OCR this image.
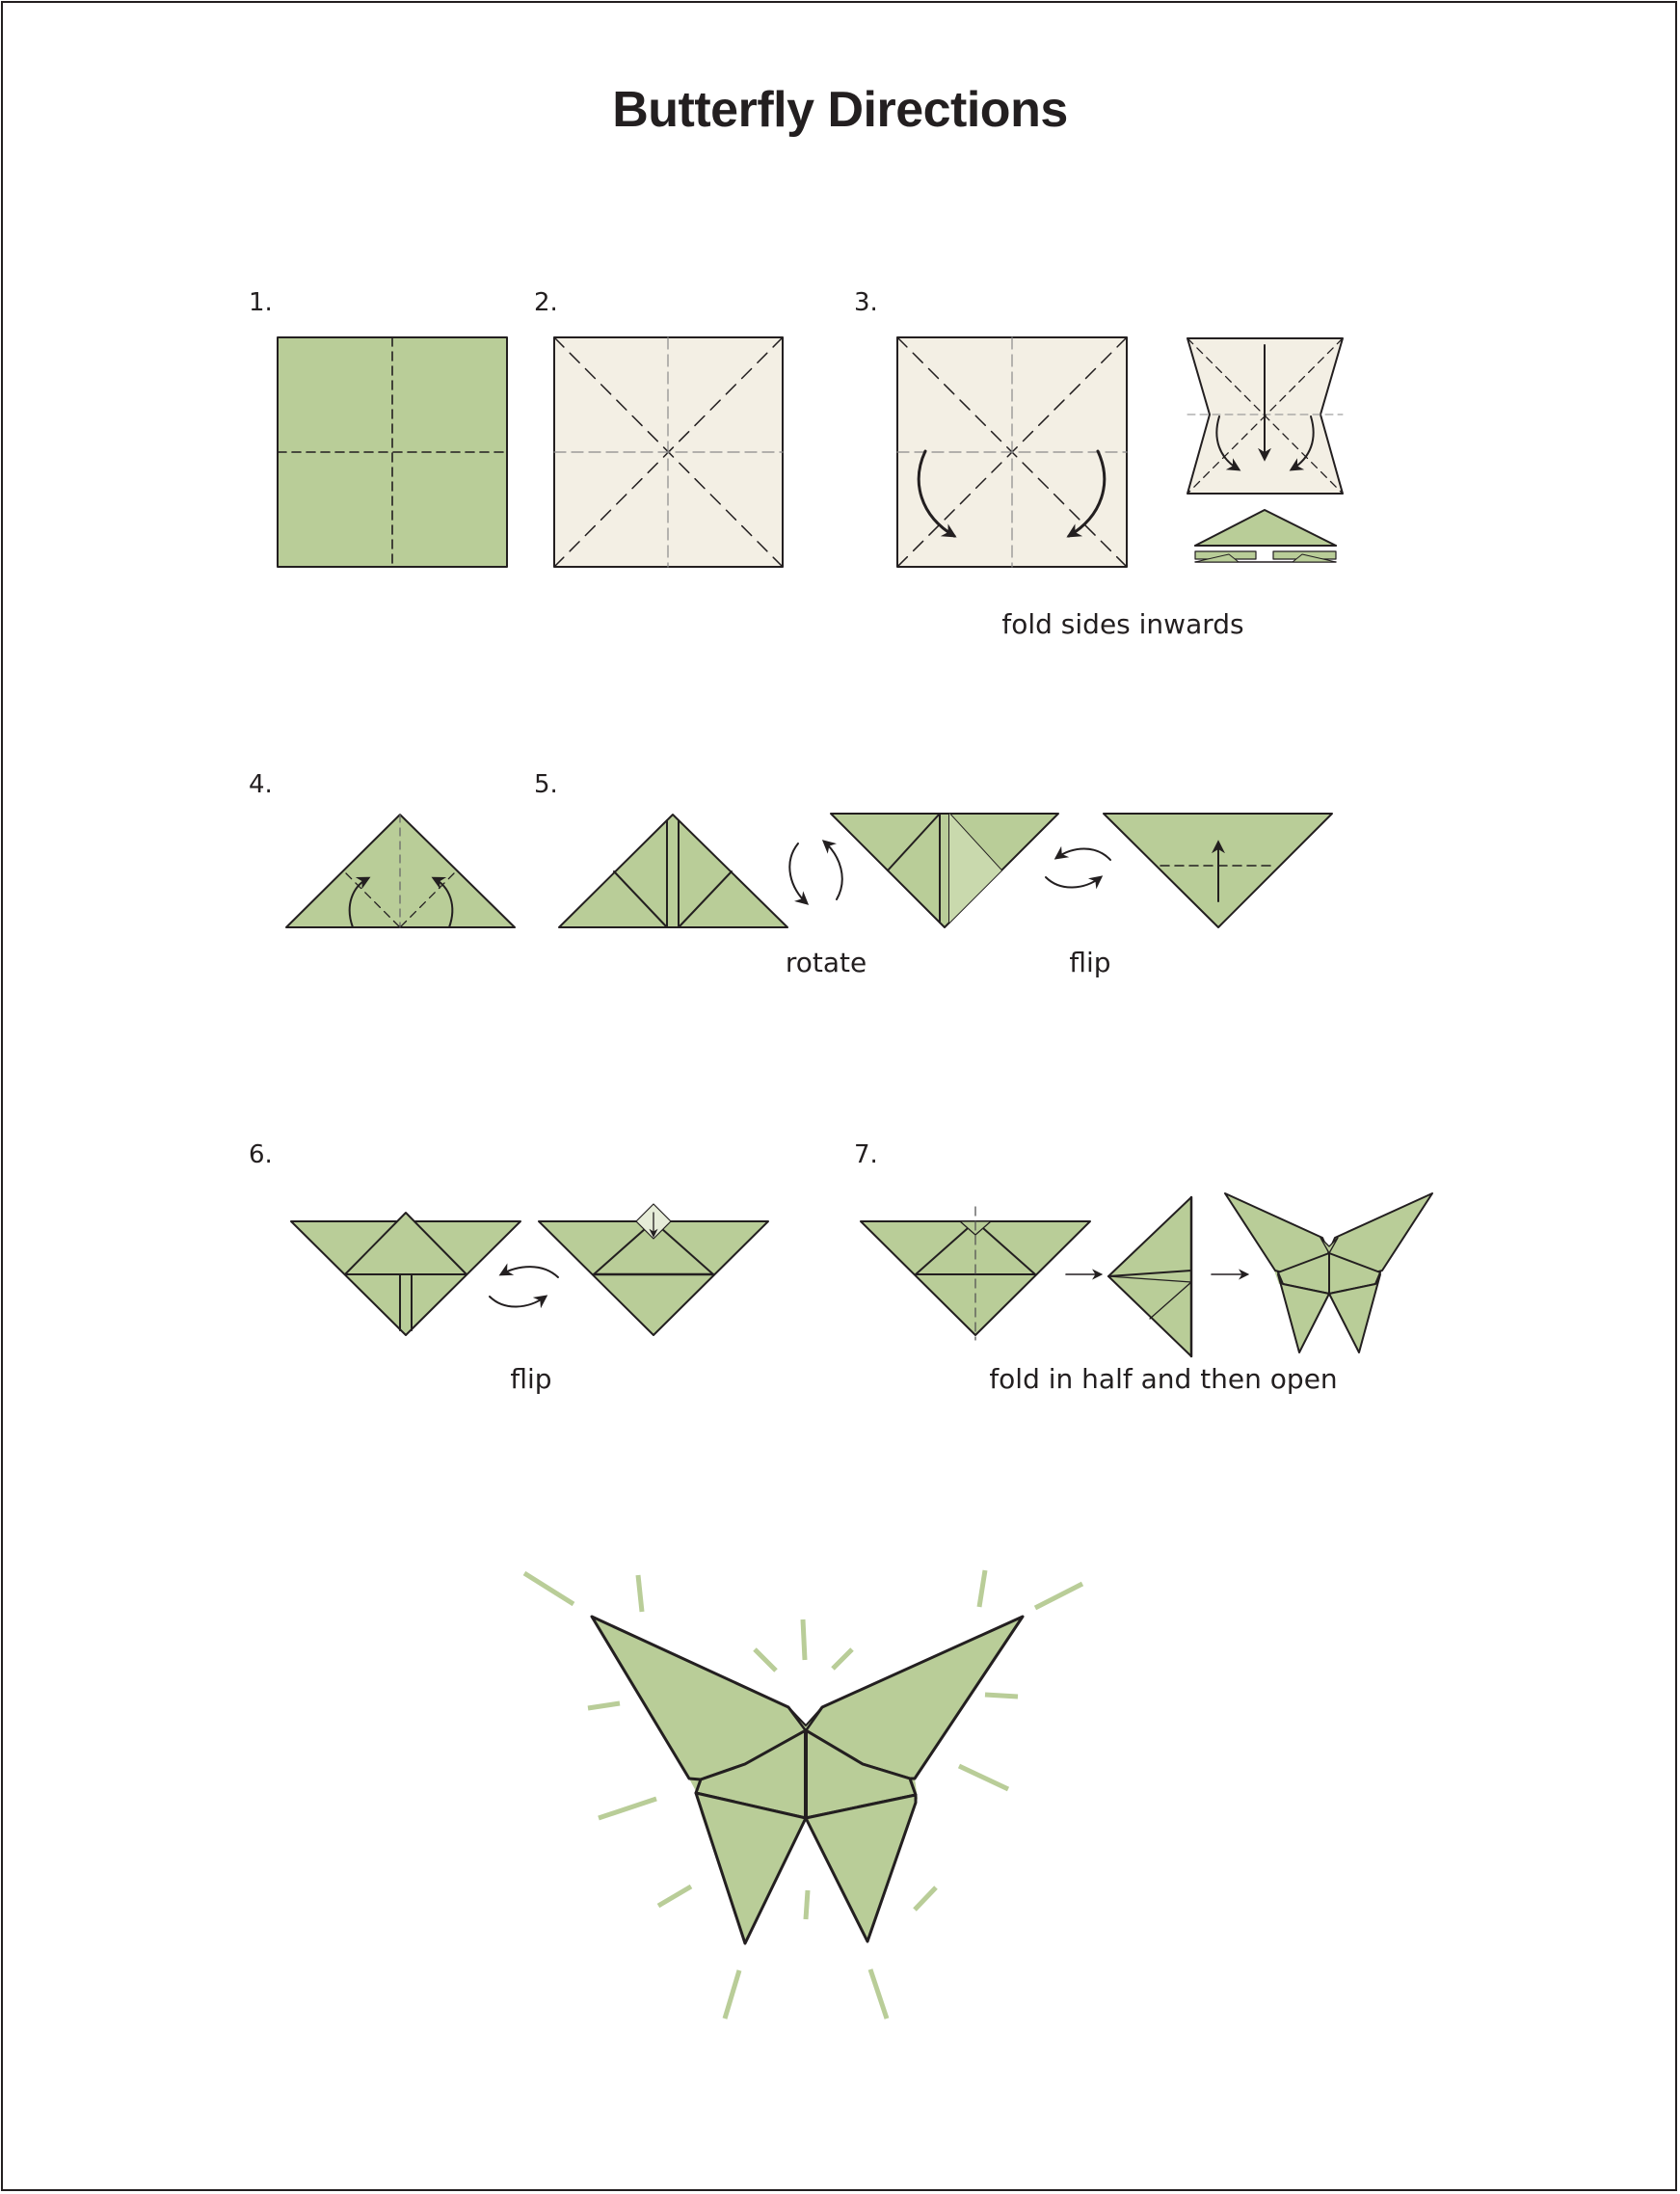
Butterfly Directions
1.	2.	3.
fold sides inwards
4.	5.
rotate	flip
6.
flip
7.
fold in half and then open
